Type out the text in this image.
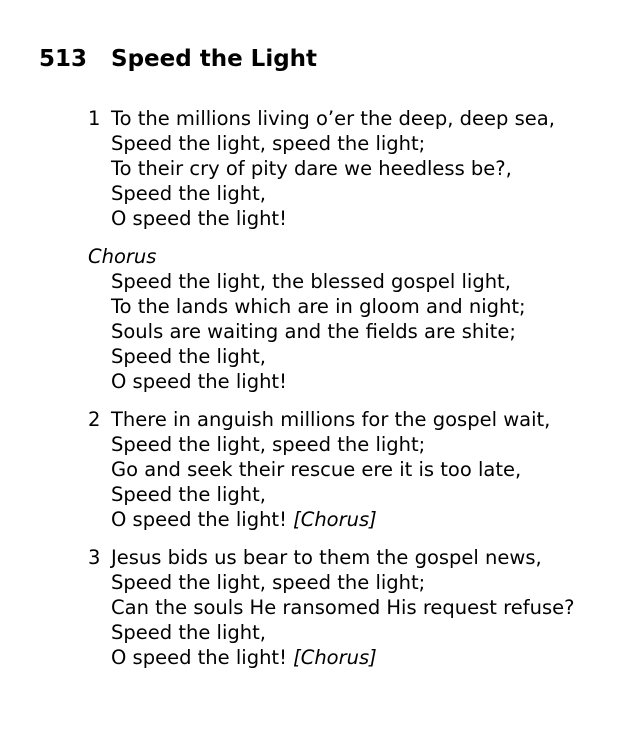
513 Speed the Light
1 To the millions living o’er the deep, deep sea,
Speed the light, speed the light;
To their cry of pity dare we heedless be?,
Speed the light,
O speed the light!
Chorus
Speed the light, the blessed gospel light,
To the lands which are in gloom and night;
Souls are waiting and the fields are shite;
Speed the light,
O speed the light!
2 There in anguish millions for the gospel wait,
Speed the light, speed the light;
Go and seek their rescue ere it is too late,
Speed the light,
O speed the light! [Chorus]
3 Jesus bids us bear to them the gospel news,
Speed the light, speed the light;
Can the souls He ransomed His request refuse?
Speed the light,
O speed the light! [Chorus]
